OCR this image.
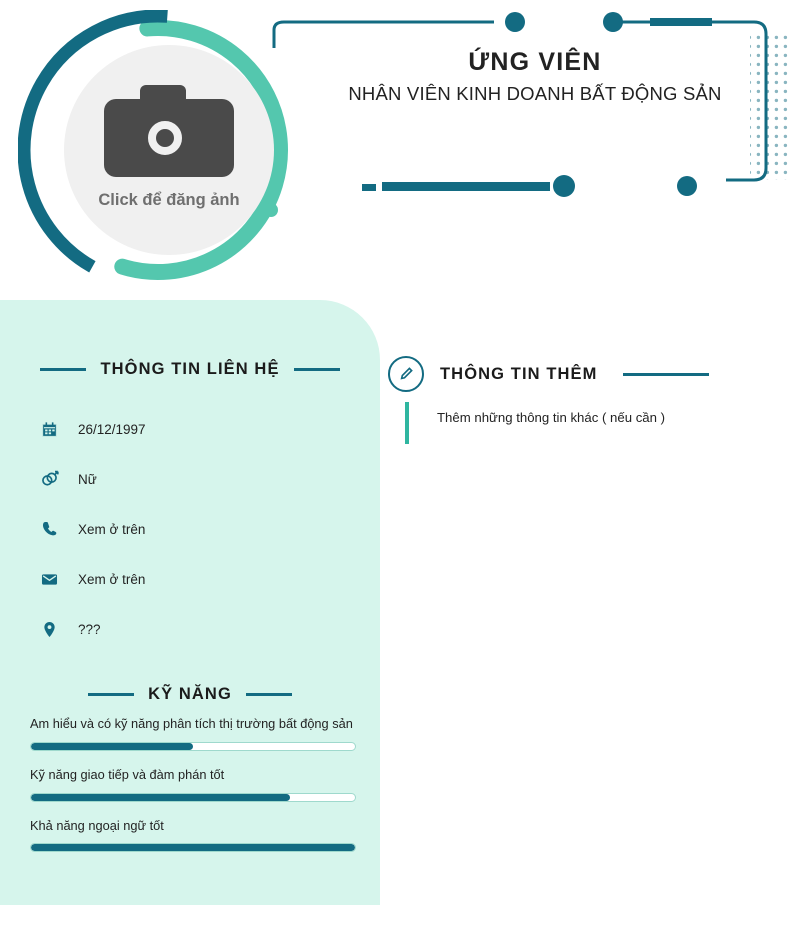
Click để đăng ảnh
ỨNG VIÊN
NHÂN VIÊN KINH DOANH BẤT ĐỘNG SẢN
THÔNG TIN LIÊN HỆ
26/12/1997
Nữ
Xem ở trên
Xem ở trên
???
KỸ NĂNG
Am hiểu và có kỹ năng phân tích thị trường bất động sản
Kỹ năng giao tiếp và đàm phán tốt
Khả năng ngoại ngữ tốt
THÔNG TIN THÊM
Thêm những thông tin khác ( nếu cần )
